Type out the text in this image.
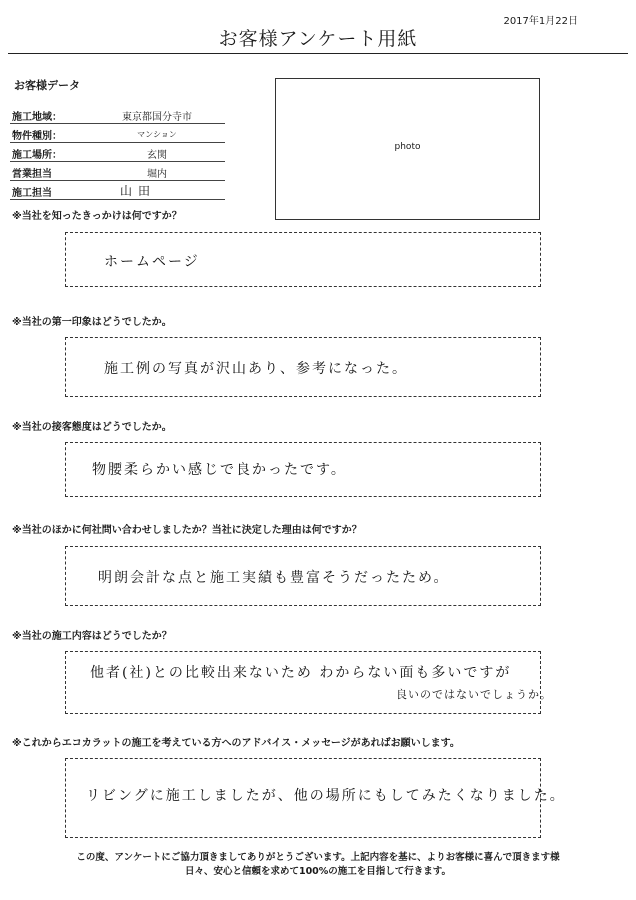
2017年1月22日
お客様アンケート用紙
お客様データ
施工地域：	東京都国分寺市
物件種別：	マンション
施工場所：	玄関
営業担当	堀内
施工担当	山田
photo
※当社を知ったきっかけは何ですか？
ホームページ
※当社の第一印象はどうでしたか。
施工例の写真が沢山あり、参考になった。
※当社の接客態度はどうでしたか。
物腰柔らかい感じで良かったです。
※当社のほかに何社問い合わせしましたか？当社に決定した理由は何ですか？
明朗会計な点と施工実績も豊富そうだったため。
※当社の施工内容はどうでしたか？
他者(社)との比較出来ないため わからない面も多いですが
良いのではないでしょうか。
※これからエコカラットの施工を考えている方へのアドバイス・メッセージがあればお願いします。
リビングに施工しましたが、他の場所にもしてみたくなりました。
この度、アンケートにご協力頂きましてありがとうございます。上記内容を基に、よりお客様に喜んで頂きます様
日々、安心と信頼を求めて100%の施工を目指して行きます。
